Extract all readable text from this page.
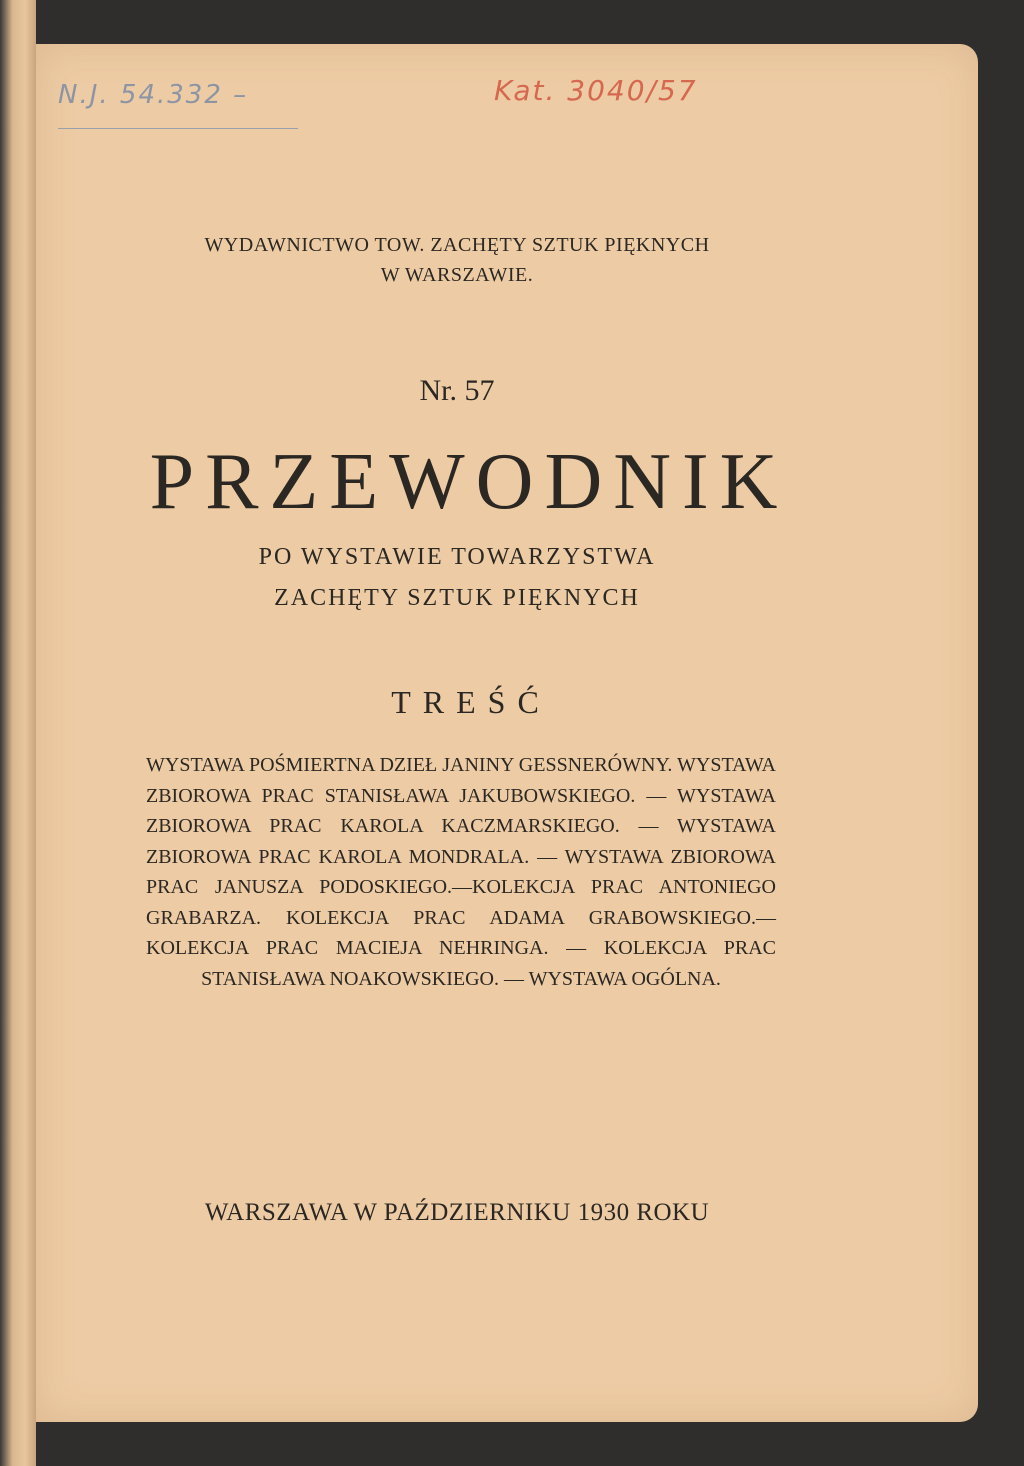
N.J. 54.332 –	Kat. 3040/57
WYDAWNICTWO TOW. ZACHĘTY SZTUK PIĘKNYCH
W WARSZAWIE.
Nr. 57
PRZEWODNIK
PO WYSTAWIE TOWARZYSTWA
ZACHĘTY SZTUK PIĘKNYCH
TREŚĆ
WYSTAWA POŚMIERTNA DZIEŁ JANINY GESSNERÓWNY. WYSTAWA ZBIOROWA PRAC STANISŁAWA JAKUBOWSKIEGO. — WYSTAWA ZBIOROWA PRAC KAROLA KACZMARSKIEGO. — WYSTAWA ZBIOROWA PRAC KAROLA MONDRALA. — WYSTAWA ZBIOROWA PRAC JANUSZA PODOSKIEGO.—KOLEKCJA PRAC ANTONIEGO GRABARZA. KOLEKCJA PRAC ADAMA GRABOWSKIEGO.— KOLEKCJA PRAC MACIEJA NEHRINGA. — KOLEKCJA PRAC STANISŁAWA NOAKOWSKIEGO. — WYSTAWA OGÓLNA.
WARSZAWA W PAŹDZIERNIKU 1930 ROKU
